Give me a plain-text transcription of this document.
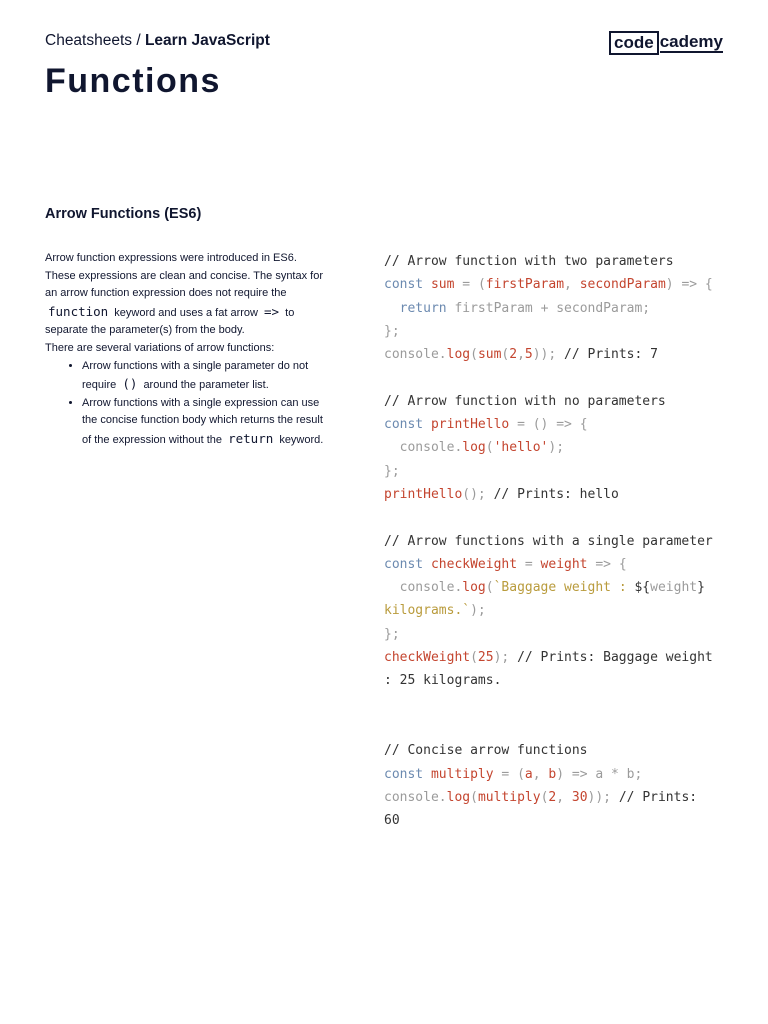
Cheatsheets / Learn JavaScript	code cademy
Functions
Arrow Functions (ES6)

Arrow function expressions were introduced in ES6. These expressions are clean and concise. The syntax for an arrow function expression does not require the function keyword and uses a fat arrow => to separate the parameter(s) from the body.

There are several variations of arrow functions:

• Arrow functions with a single parameter do not require () around the parameter list.
• Arrow functions with a single expression can use the concise function body which returns the result of the expression without the return keyword.
// Arrow function with two parameters
const sum = (firstParam, secondParam) => {
return firstParam + secondParam;
};
console.log(sum(2,5)); // Prints: 7
// Arrow function with no parameters
const printHello = () => {
console.log('hello');
};
printHello(); // Prints: hello
// Arrow functions with a single parameter
const checkWeight = weight => {
console.log(`Baggage weight : ${weight}
kilograms.`);
};
checkWeight(25); // Prints: Baggage weight
: 25 kilograms.
// Concise arrow functions
const multiply = (a, b) => a * b;
console.log(multiply(2, 30)); // Prints:
60
